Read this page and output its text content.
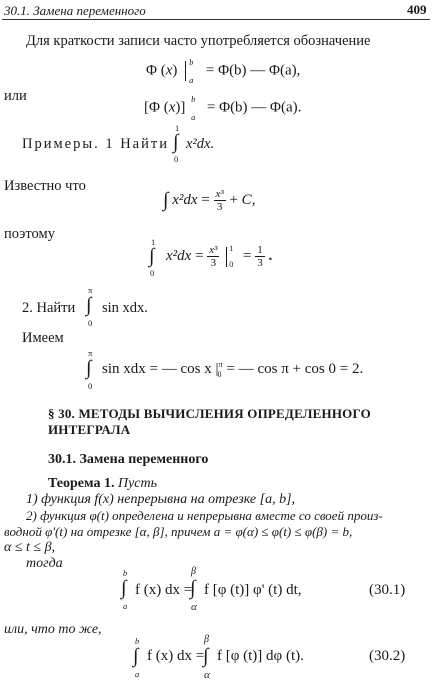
30.1. Замена переменного	409
Для краткости записи часто употребляется обозначение
Φ (x)
b
a
= Φ(b) — Φ(a),
или
[Φ (x)]
b
a
= Φ(b) — Φ(a).
Примеры. 1 Найти
1
∫
0
x²dx.
Известно что
∫ $x^2dx = \frac{\text{x³}}{3} + C$,
поэтому	1
∫
0
$x^2dx = \frac{\text{x³}}{3}$
1
$0 = \frac{1}{3}$ .
2. Найти
π
∫
0
sin xdx.
Имеем
π
∫
0
sin xdx = — cos x $|^\pi_0$ = — cos π + cos 0 = 2.
§ 30. МЕТОДЫ ВЫЧИСЛЕНИЯ ОПРЕДЕЛЕННОГО
ИНТЕГРАЛА
30.1. Замена переменного
Теорема 1. Пусть
1) функция f(x) непрерывна на отрезке [a, b],
2) функция φ(t) определена и непрерывна вместе со своей произ-
водной φ'(t) на отрезке [α, β], причем a = φ(α) ≤ φ(t) ≤ φ(β) = b,
α ≤ t ≤ β,
тогда
b
∫
a
f (x) dx =
β
∫
α
f [φ (t)] φ' (t) dt,	(30.1)
или, что то же,
b
∫
a
f (x) dx =
β
∫
α
f [φ (t)] dφ (t).	(30.2)
